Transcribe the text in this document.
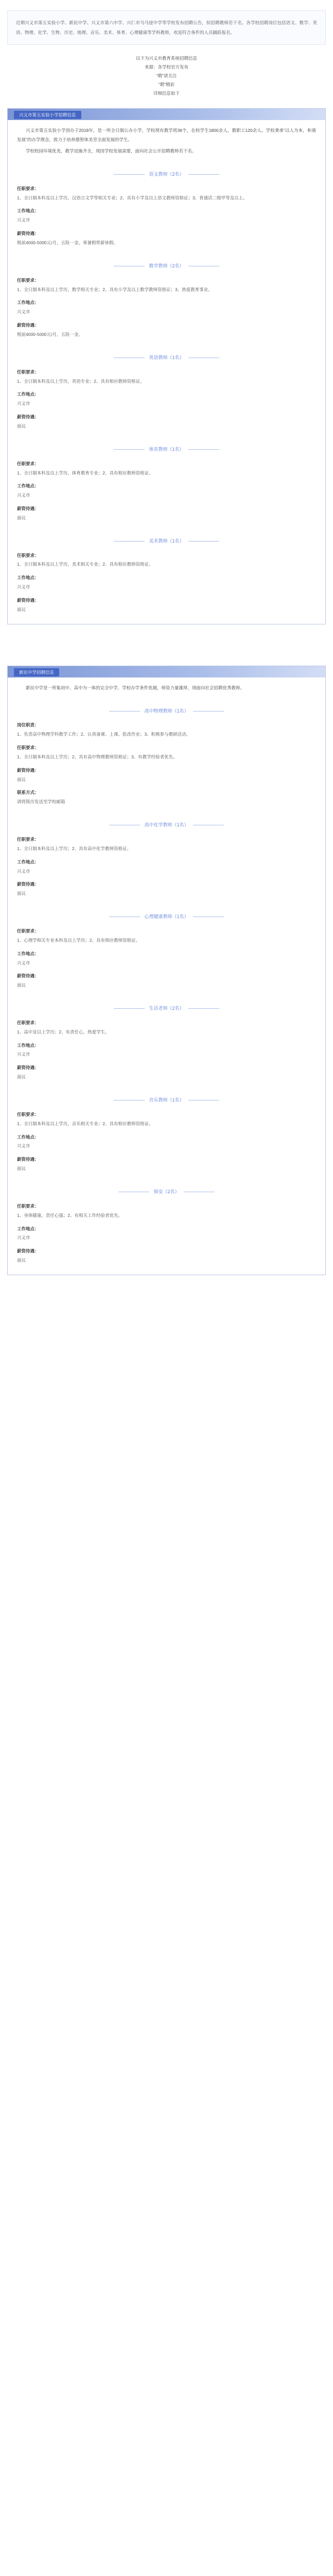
近期兴义市第五实验小学、新民中学、兴义市第六中学、兴仁市马马崖中学等学校发布招聘公告，拟招聘教师若干名。各学校招聘岗位包括语文、数学、英语、物理、化学、生物、历史、地理、音乐、美术、体育、心理健康等学科教师，欢迎符合条件的人员踊跃报名。
以下为兴义市教育系统招聘信息
来源：各学校官方发布
“聘”请关注
“聘”精彩
详细信息如下
兴义市第五实验小学招聘信息

兴义市第五实验小学创办于2018年，是一所全日制公办小学，学校现有教学班36个，在校学生1800余人，教职工120余人。学校秉承“以人为本，和谐发展”的办学理念，致力于培养德智体美劳全面发展的学生。

学校校园环境优美，教学设施齐全，现因学校发展需要，面向社会公开招聘教师若干名。

语文教师（2名）
任职要求：
1、全日制本科及以上学历，汉语言文学等相关专业；2、具有小学及以上语文教师资格证；3、普通话二级甲等及以上。
工作地点：
兴义市
薪资待遇：
税前4000-5000元/月，五险一金，寒暑假带薪休假。
数学教师（2名）
任职要求：
1、全日制本科及以上学历，数学相关专业；2、具有小学及以上数学教师资格证；3、热爱教育事业。
工作地点：
兴义市
薪资待遇：
税前4000-5000元/月，五险一金。
英语教师（1名）
任职要求：
1、全日制本科及以上学历，英语专业；2、具有相应教师资格证。
工作地点：
兴义市
薪资待遇：
面议
体育教师（1名）
任职要求：
1、全日制本科及以上学历，体育教育专业；2、具有相应教师资格证。
工作地点：
兴义市
薪资待遇：
面议
美术教师（1名）
任职要求：
1、全日制本科及以上学历，美术相关专业；2、具有相应教师资格证。
工作地点：
兴义市
薪资待遇：
面议
新民中学招聘信息

新民中学是一所集初中、高中为一体的完全中学，学校办学条件优越，师资力量雄厚，现面向社会招聘优秀教师。

高中物理教师（1名）
岗位职责：
1、负责高中物理学科教学工作；2、认真备课、上课、批改作业；3、积极参与教研活动。
任职要求：
1、全日制本科及以上学历；2、具有高中物理教师资格证；3、有教学经验者优先。
薪资待遇：
面议
联系方式：
请将简历发送至学校邮箱
高中化学教师（1名）
任职要求：
1、全日制本科及以上学历；2、具有高中化学教师资格证。
工作地点：
兴义市
薪资待遇：
面议
心理健康教师（1名）
任职要求：
1、心理学相关专业本科及以上学历；2、具有相应教师资格证。
工作地点：
兴义市
薪资待遇：
面议
生活老师（2名）
任职要求：
1、高中及以上学历；2、有责任心，热爱学生。
工作地点：
兴义市
薪资待遇：
面议
音乐教师（1名）
任职要求：
1、全日制本科及以上学历，音乐相关专业；2、具有相应教师资格证。
工作地点：
兴义市
薪资待遇：
面议
保安（2名）
任职要求：
1、身体健康，责任心强；2、有相关工作经验者优先。
工作地点：
兴义市
薪资待遇：
面议
